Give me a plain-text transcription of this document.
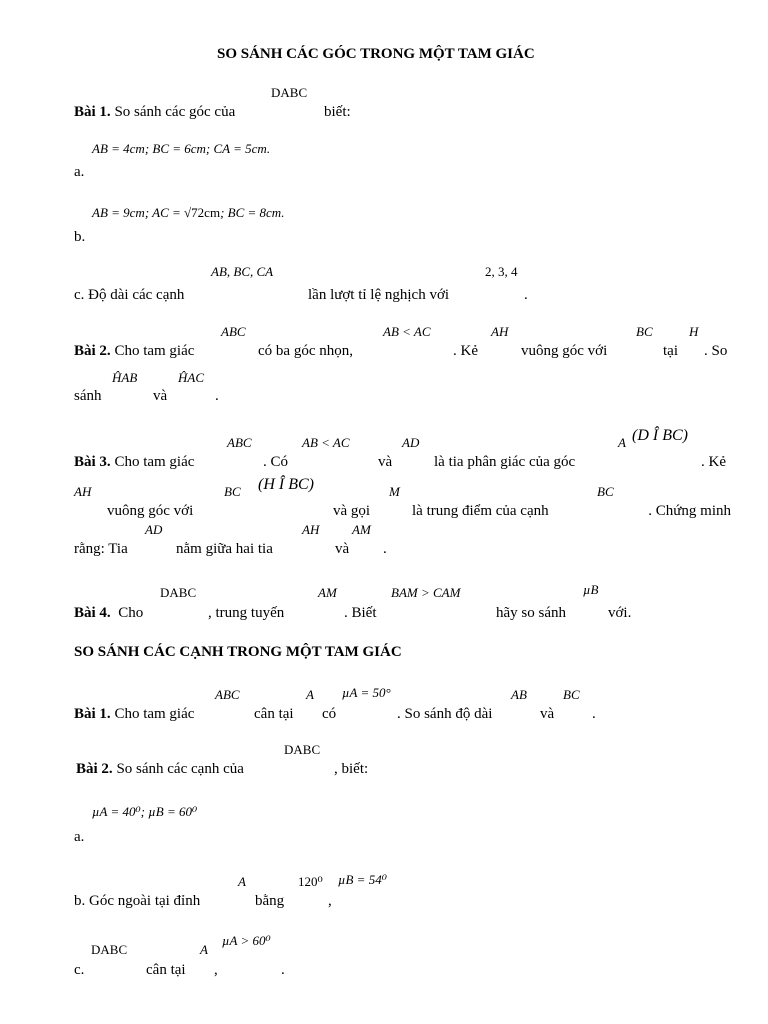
SO SÁNH CÁC GÓC TRONG MỘT TAM GIÁC
DABC
Bài 1. So sánh các góc của	biết:
AB = 4cm; BC = 6cm; CA = 5cm.
a.
AB = 9cm; AC = √72cm; BC = 8cm.
b.
AB, BC, CA	2, 3, 4
c. Độ dài các cạnh	lần lượt tỉ lệ nghịch với	.
ABC	AB < AC	AH	BC	H
Bài 2. Cho tam giác	có ba góc nhọn,	. Kẻ	vuông góc với	tại . So
ĤAB	ĤAC
sánh	và	.
ABC	AB < AC	AD	A (D Î BC)
Bài 3. Cho tam giác	. Có	và	là tia phân giác của góc	. Kẻ
AH	BC (H Î BC)	M	BC
vuông góc với	và gọi	là trung điểm của cạnh	. Chứng minh
AD	AH	AM
rằng: Tia	nằm giữa hai tia	và .
DABC	AM	BAM > CAM	µB
Bài 4. Cho	, trung tuyến	. Biết	hãy so sánh	với.
SO SÁNH CÁC CẠNH TRONG MỘT TAM GIÁC
ABC	A µA = 50°	AB	BC
Bài 1. Cho tam giác	cân tại có	. So sánh độ dài	và	.
DABC
Bài 2. So sánh các cạnh của	, biết:
µA = 40⁰; µB = 60⁰
a.
A	120⁰ µB = 54⁰
b. Góc ngoài tại đỉnh	bằng	,
DABC	A
µA > 60⁰
c.	cân tại ,	.
